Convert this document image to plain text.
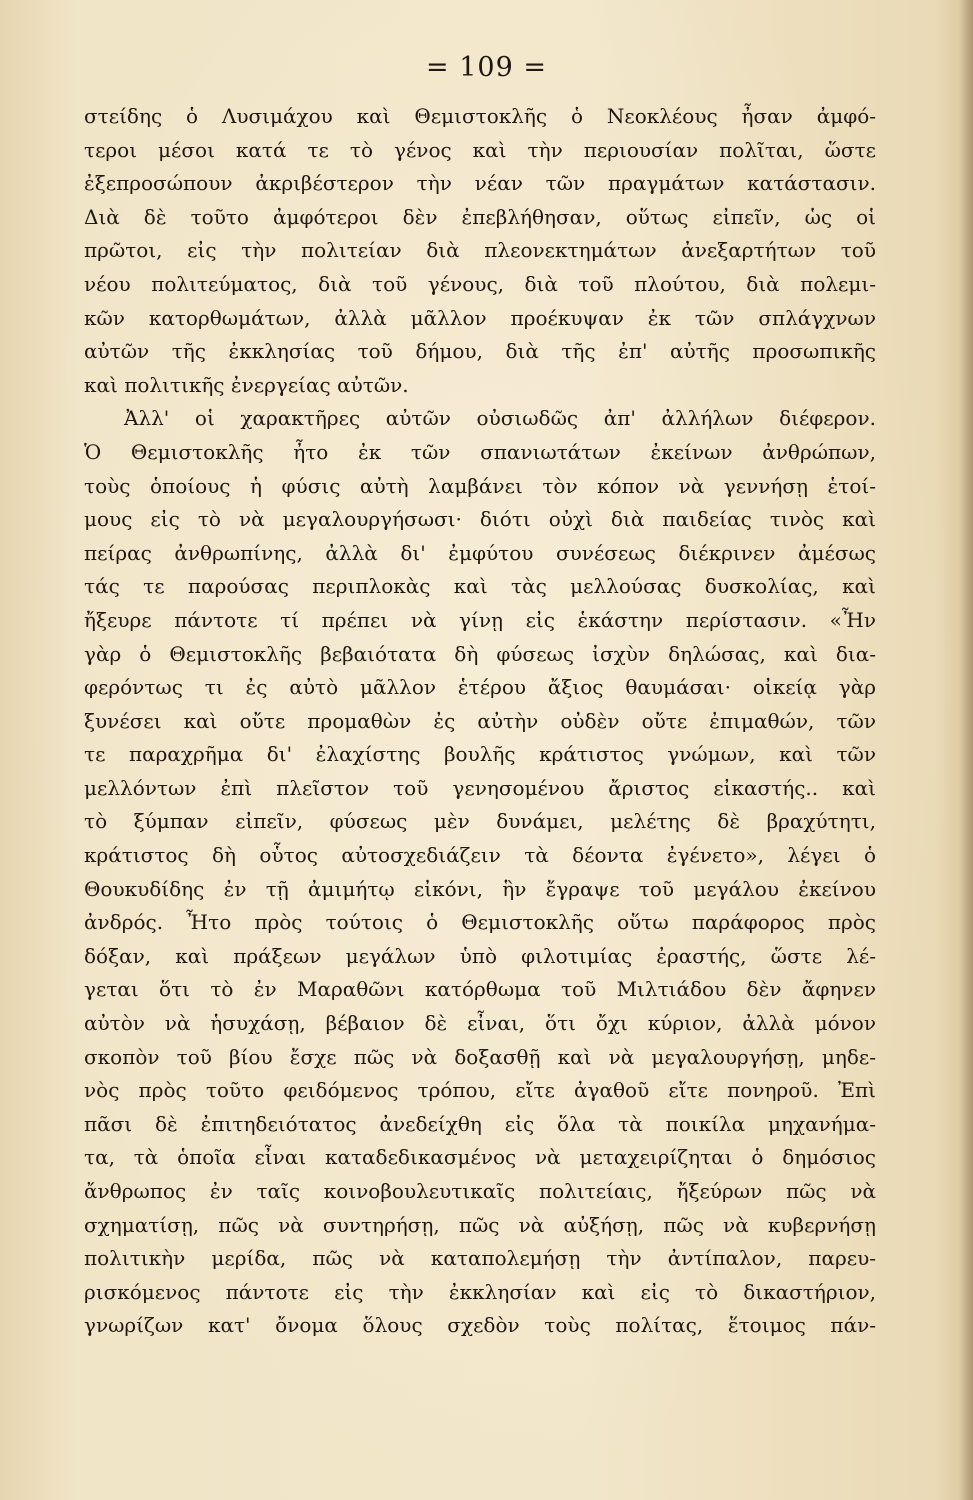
= 109 =
στείδης ὁ Λυσιμάχου καὶ Θεμιστοκλῆς ὁ Νεοκλέους ἦσαν ἀμφό-
τεροι μέσοι κατά τε τὸ γένος καὶ τὴν περιουσίαν πολῖται, ὥστε
ἐξεπροσώπουν ἀκριβέστερον τὴν νέαν τῶν πραγμάτων κατάστασιν.
Διὰ δὲ τοῦτο ἀμφότεροι δὲν ἐπεβλήθησαν, οὕτως εἰπεῖν, ὡς οἱ
πρῶτοι, εἰς τὴν πολιτείαν διὰ πλεονεκτημάτων ἀνεξαρτήτων τοῦ
νέου πολιτεύματος, διὰ τοῦ γένους, διὰ τοῦ πλούτου, διὰ πολεμι-
κῶν κατορθωμάτων, ἀλλὰ μᾶλλον προέκυψαν ἐκ τῶν σπλάγχνων
αὐτῶν τῆς ἐκκλησίας τοῦ δήμου, διὰ τῆς ἐπ' αὐτῆς προσωπικῆς
καὶ πολιτικῆς ἐνεργείας αὐτῶν.
Ἀλλ' οἱ χαρακτῆρες αὐτῶν οὐσιωδῶς ἀπ' ἀλλήλων διέφερον.
Ὁ Θεμιστοκλῆς ἦτο ἐκ τῶν σπανιωτάτων ἐκείνων ἀνθρώπων,
τοὺς ὁποίους ἡ φύσις αὐτὴ λαμβάνει τὸν κόπον νὰ γεννήσῃ ἑτοί-
μους εἰς τὸ νὰ μεγαλουργήσωσι· διότι οὐχὶ διὰ παιδείας τινὸς καὶ
πείρας ἀνθρωπίνης, ἀλλὰ δι' ἐμφύτου συνέσεως διέκρινεν ἀμέσως
τάς τε παρούσας περιπλοκὰς καὶ τὰς μελλούσας δυσκολίας, καὶ
ἤξευρε πάντοτε τί πρέπει νὰ γίνῃ εἰς ἑκάστην περίστασιν. «Ἦν
γὰρ ὁ Θεμιστοκλῆς βεβαιότατα δὴ φύσεως ἰσχὺν δηλώσας, καὶ δια-
φερόντως τι ἐς αὐτὸ μᾶλλον ἑτέρου ἄξιος θαυμάσαι· οἰκείᾳ γὰρ
ξυνέσει καὶ οὔτε προμαθὼν ἐς αὐτὴν οὐδὲν οὔτε ἐπιμαθών, τῶν
τε παραχρῆμα δι' ἐλαχίστης βουλῆς κράτιστος γνώμων, καὶ τῶν
μελλόντων ἐπὶ πλεῖστον τοῦ γενησομένου ἄριστος εἰκαστής.. καὶ
τὸ ξύμπαν εἰπεῖν, φύσεως μὲν δυνάμει, μελέτης δὲ βραχύτητι,
κράτιστος δὴ οὗτος αὐτοσχεδιάζειν τὰ δέοντα ἐγένετο», λέγει ὁ
Θουκυδίδης ἐν τῇ ἀμιμήτῳ εἰκόνι, ἣν ἔγραψε τοῦ μεγάλου ἐκείνου
ἀνδρός. Ἦτο πρὸς τούτοις ὁ Θεμιστοκλῆς οὕτω παράφορος πρὸς
δόξαν, καὶ πράξεων μεγάλων ὑπὸ φιλοτιμίας ἐραστής, ὥστε λέ-
γεται ὅτι τὸ ἐν Μαραθῶνι κατόρθωμα τοῦ Μιλτιάδου δὲν ἄφηνεν
αὐτὸν νὰ ἡσυχάσῃ, βέβαιον δὲ εἶναι, ὅτι ὄχι κύριον, ἀλλὰ μόνον
σκοπὸν τοῦ βίου ἔσχε πῶς νὰ δοξασθῇ καὶ νὰ μεγαλουργήσῃ, μηδε-
νὸς πρὸς τοῦτο φειδόμενος τρόπου, εἴτε ἀγαθοῦ εἴτε πονηροῦ. Ἐπὶ
πᾶσι δὲ ἐπιτηδειότατος ἀνεδείχθη εἰς ὅλα τὰ ποικίλα μηχανήμα-
τα, τὰ ὁποῖα εἶναι καταδεδικασμένος νὰ μεταχειρίζηται ὁ δημόσιος
ἄνθρωπος ἐν ταῖς κοινοβουλευτικαῖς πολιτείαις, ἤξεύρων πῶς νὰ
σχηματίσῃ, πῶς νὰ συντηρήσῃ, πῶς νὰ αὐξήσῃ, πῶς νὰ κυβερνήσῃ
πολιτικὴν μερίδα, πῶς νὰ καταπολεμήσῃ τὴν ἀντίπαλον, παρευ-
ρισκόμενος πάντοτε εἰς τὴν ἐκκλησίαν καὶ εἰς τὸ δικαστήριον,
γνωρίζων κατ' ὄνομα ὅλους σχεδὸν τοὺς πολίτας, ἕτοιμος πάν-
